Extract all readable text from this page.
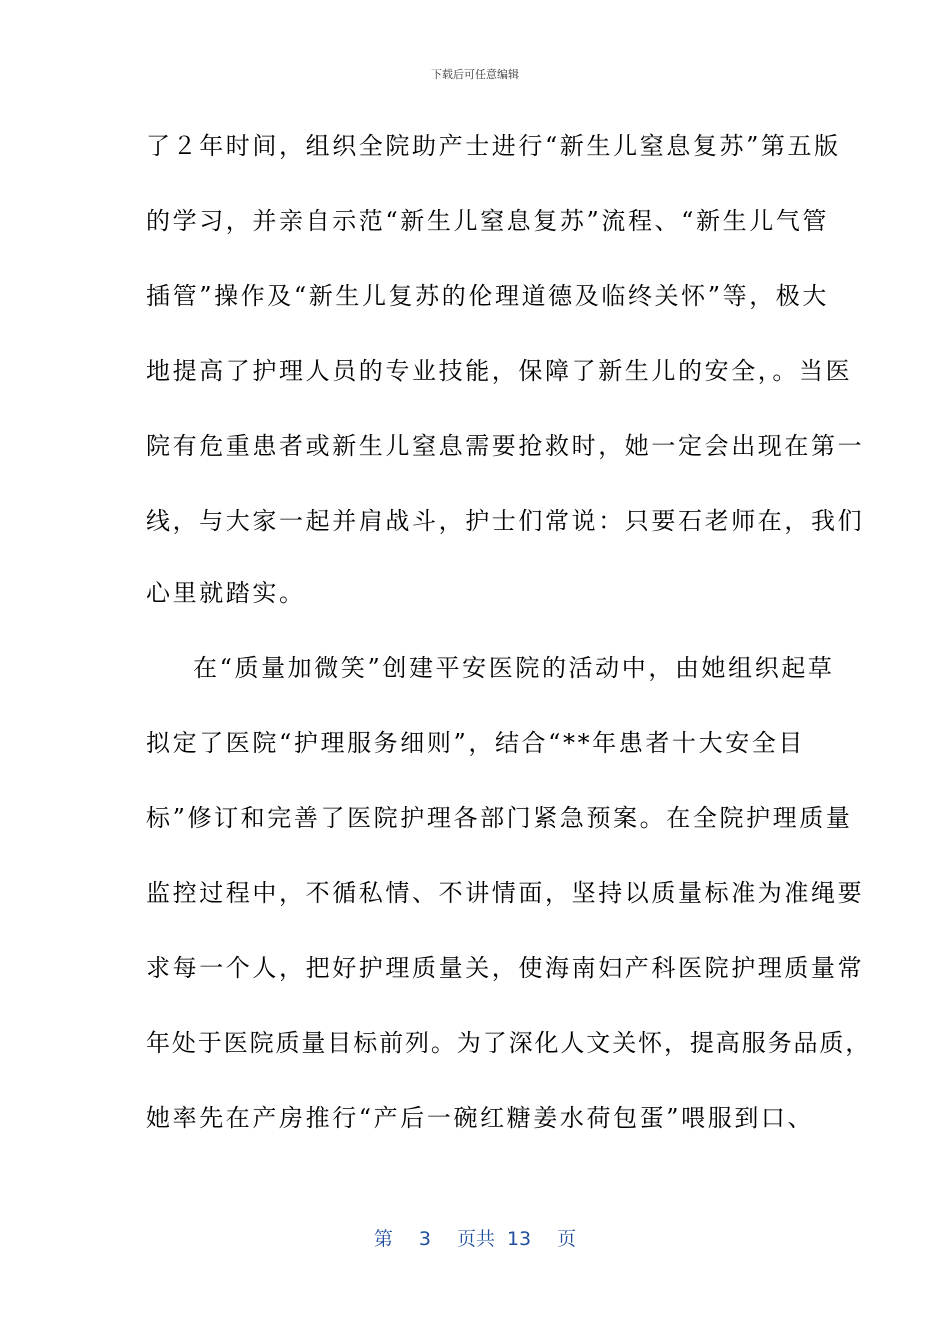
下载后可任意编辑
了２年时间，组织全院助产士进行“新生儿窒息复苏”第五版
的学习，并亲自示范“新生儿窒息复苏”流程、“新生儿气管
插管”操作及“新生儿复苏的伦理道德及临终关怀”等，极大
地提高了护理人员的专业技能，保障了新生儿的安全，。当医
院有危重患者或新生儿窒息需要抢救时，她一定会出现在第一
线，与大家一起并肩战斗，护士们常说：只要石老师在，我们
心里就踏实。
在“质量加微笑”创建平安医院的活动中，由她组织起草
拟定了医院“护理服务细则”，结合“**年患者十大安全目
标”修订和完善了医院护理各部门紧急预案。在全院护理质量
监控过程中，不循私情、不讲情面，坚持以质量标准为准绳要
求每一个人，把好护理质量关，使海南妇产科医院护理质量常
年处于医院质量目标前列。为了深化人文关怀，提高服务品质，
她率先在产房推行“产后一碗红糖姜水荷包蛋”喂服到口、
第 3 页共 13 页
